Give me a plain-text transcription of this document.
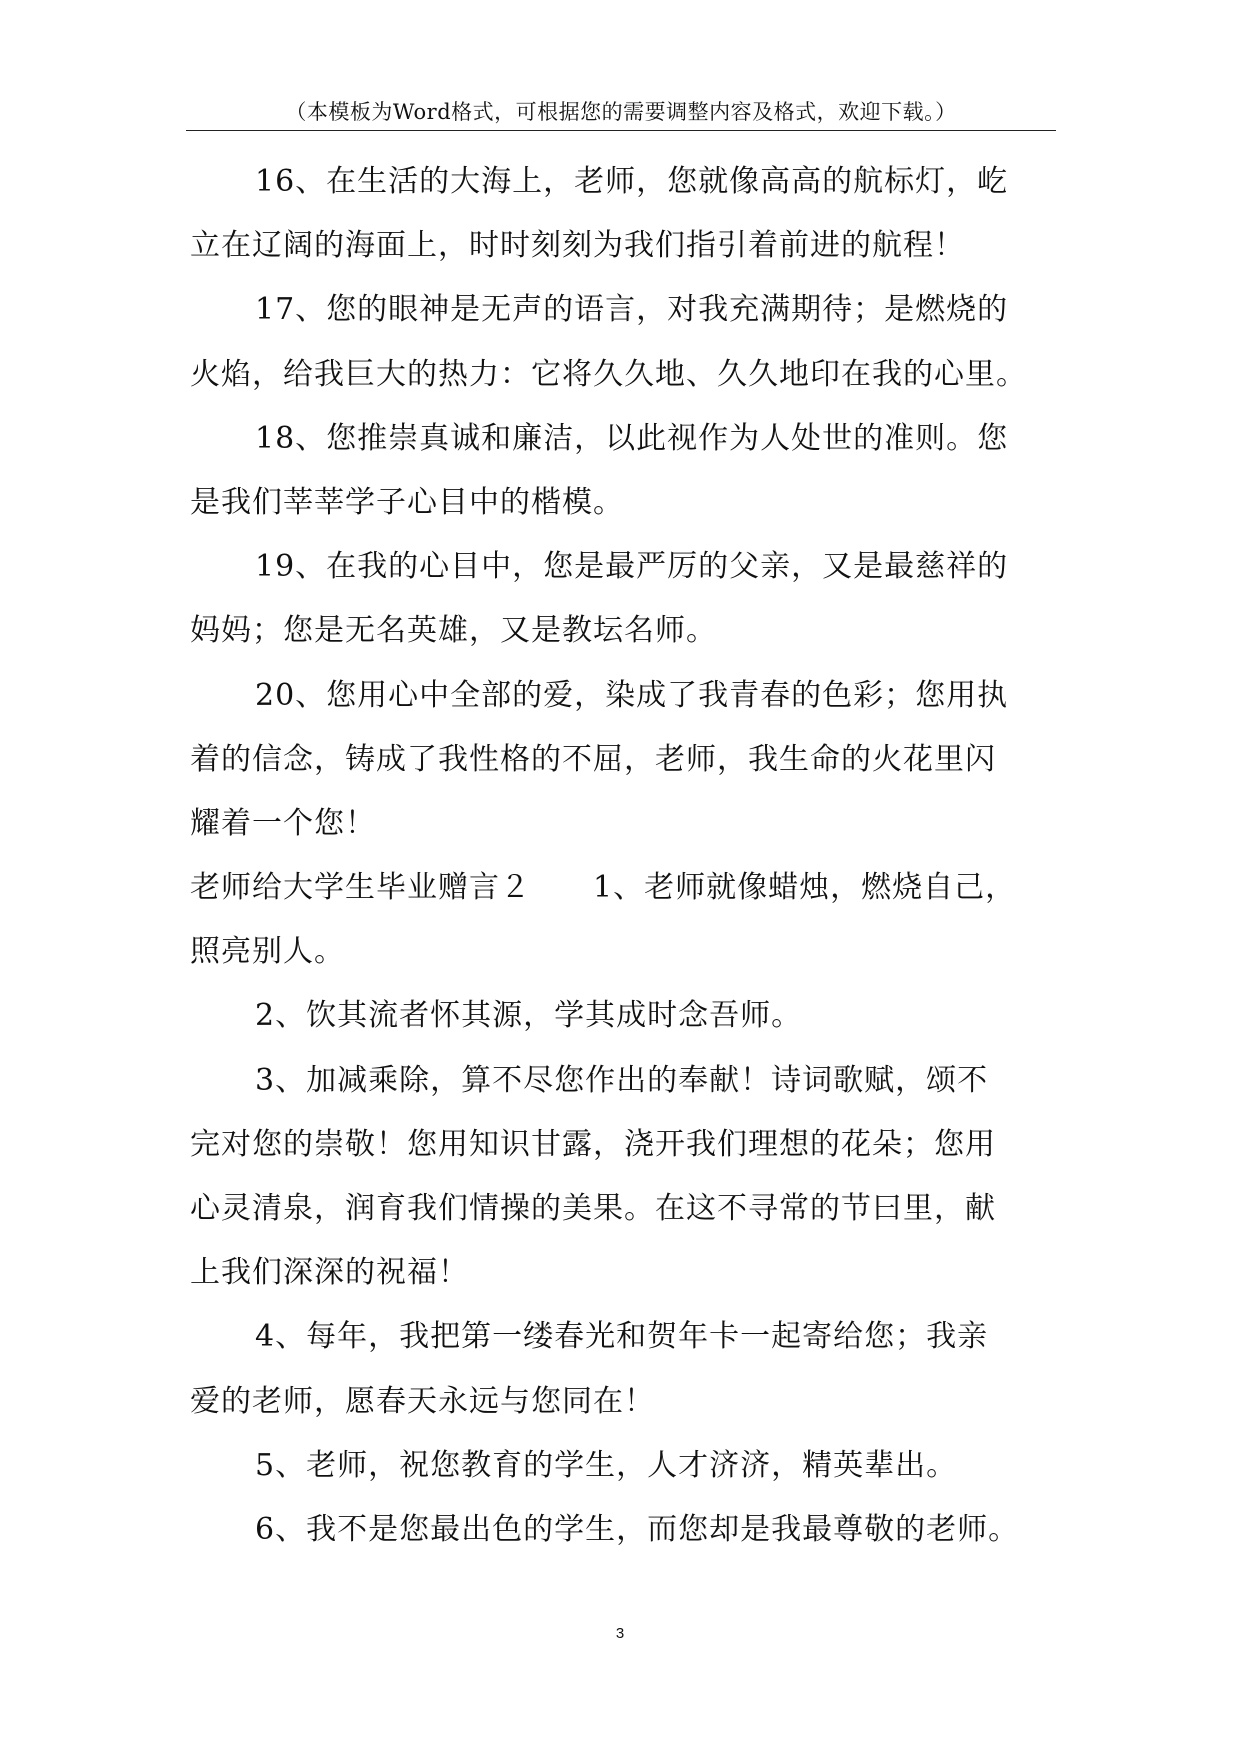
（本模板为Word格式，可根据您的需要调整内容及格式，欢迎下载。）
16、在生活的大海上，老师，您就像高高的航标灯，屹
立在辽阔的海面上，时时刻刻为我们指引着前进的航程！
17、您的眼神是无声的语言，对我充满期待；是燃烧的
火焰，给我巨大的热力：它将久久地、久久地印在我的心里。
18、您推崇真诚和廉洁，以此视作为人处世的准则。您
是我们莘莘学子心目中的楷模。
19、在我的心目中，您是最严厉的父亲，又是最慈祥的
妈妈；您是无名英雄，又是教坛名师。
20、您用心中全部的爱，染成了我青春的色彩；您用执
着的信念，铸成了我性格的不屈，老师，我生命的火花里闪
耀着一个您！
老师给大学生毕业赠言２　　1、老师就像蜡烛，燃烧自己，
照亮别人。
2、饮其流者怀其源，学其成时念吾师。
3、加减乘除，算不尽您作出的奉献！诗词歌赋，颂不
完对您的崇敬！您用知识甘露，浇开我们理想的花朵；您用
心灵清泉，润育我们情操的美果。在这不寻常的节曰里，献
上我们深深的祝福！
4、每年，我把第一缕春光和贺年卡一起寄给您；我亲
爱的老师，愿春天永远与您同在！
5、老师，祝您教育的学生，人才济济，精英辈出。
6、我不是您最出色的学生，而您却是我最尊敬的老师。
3
